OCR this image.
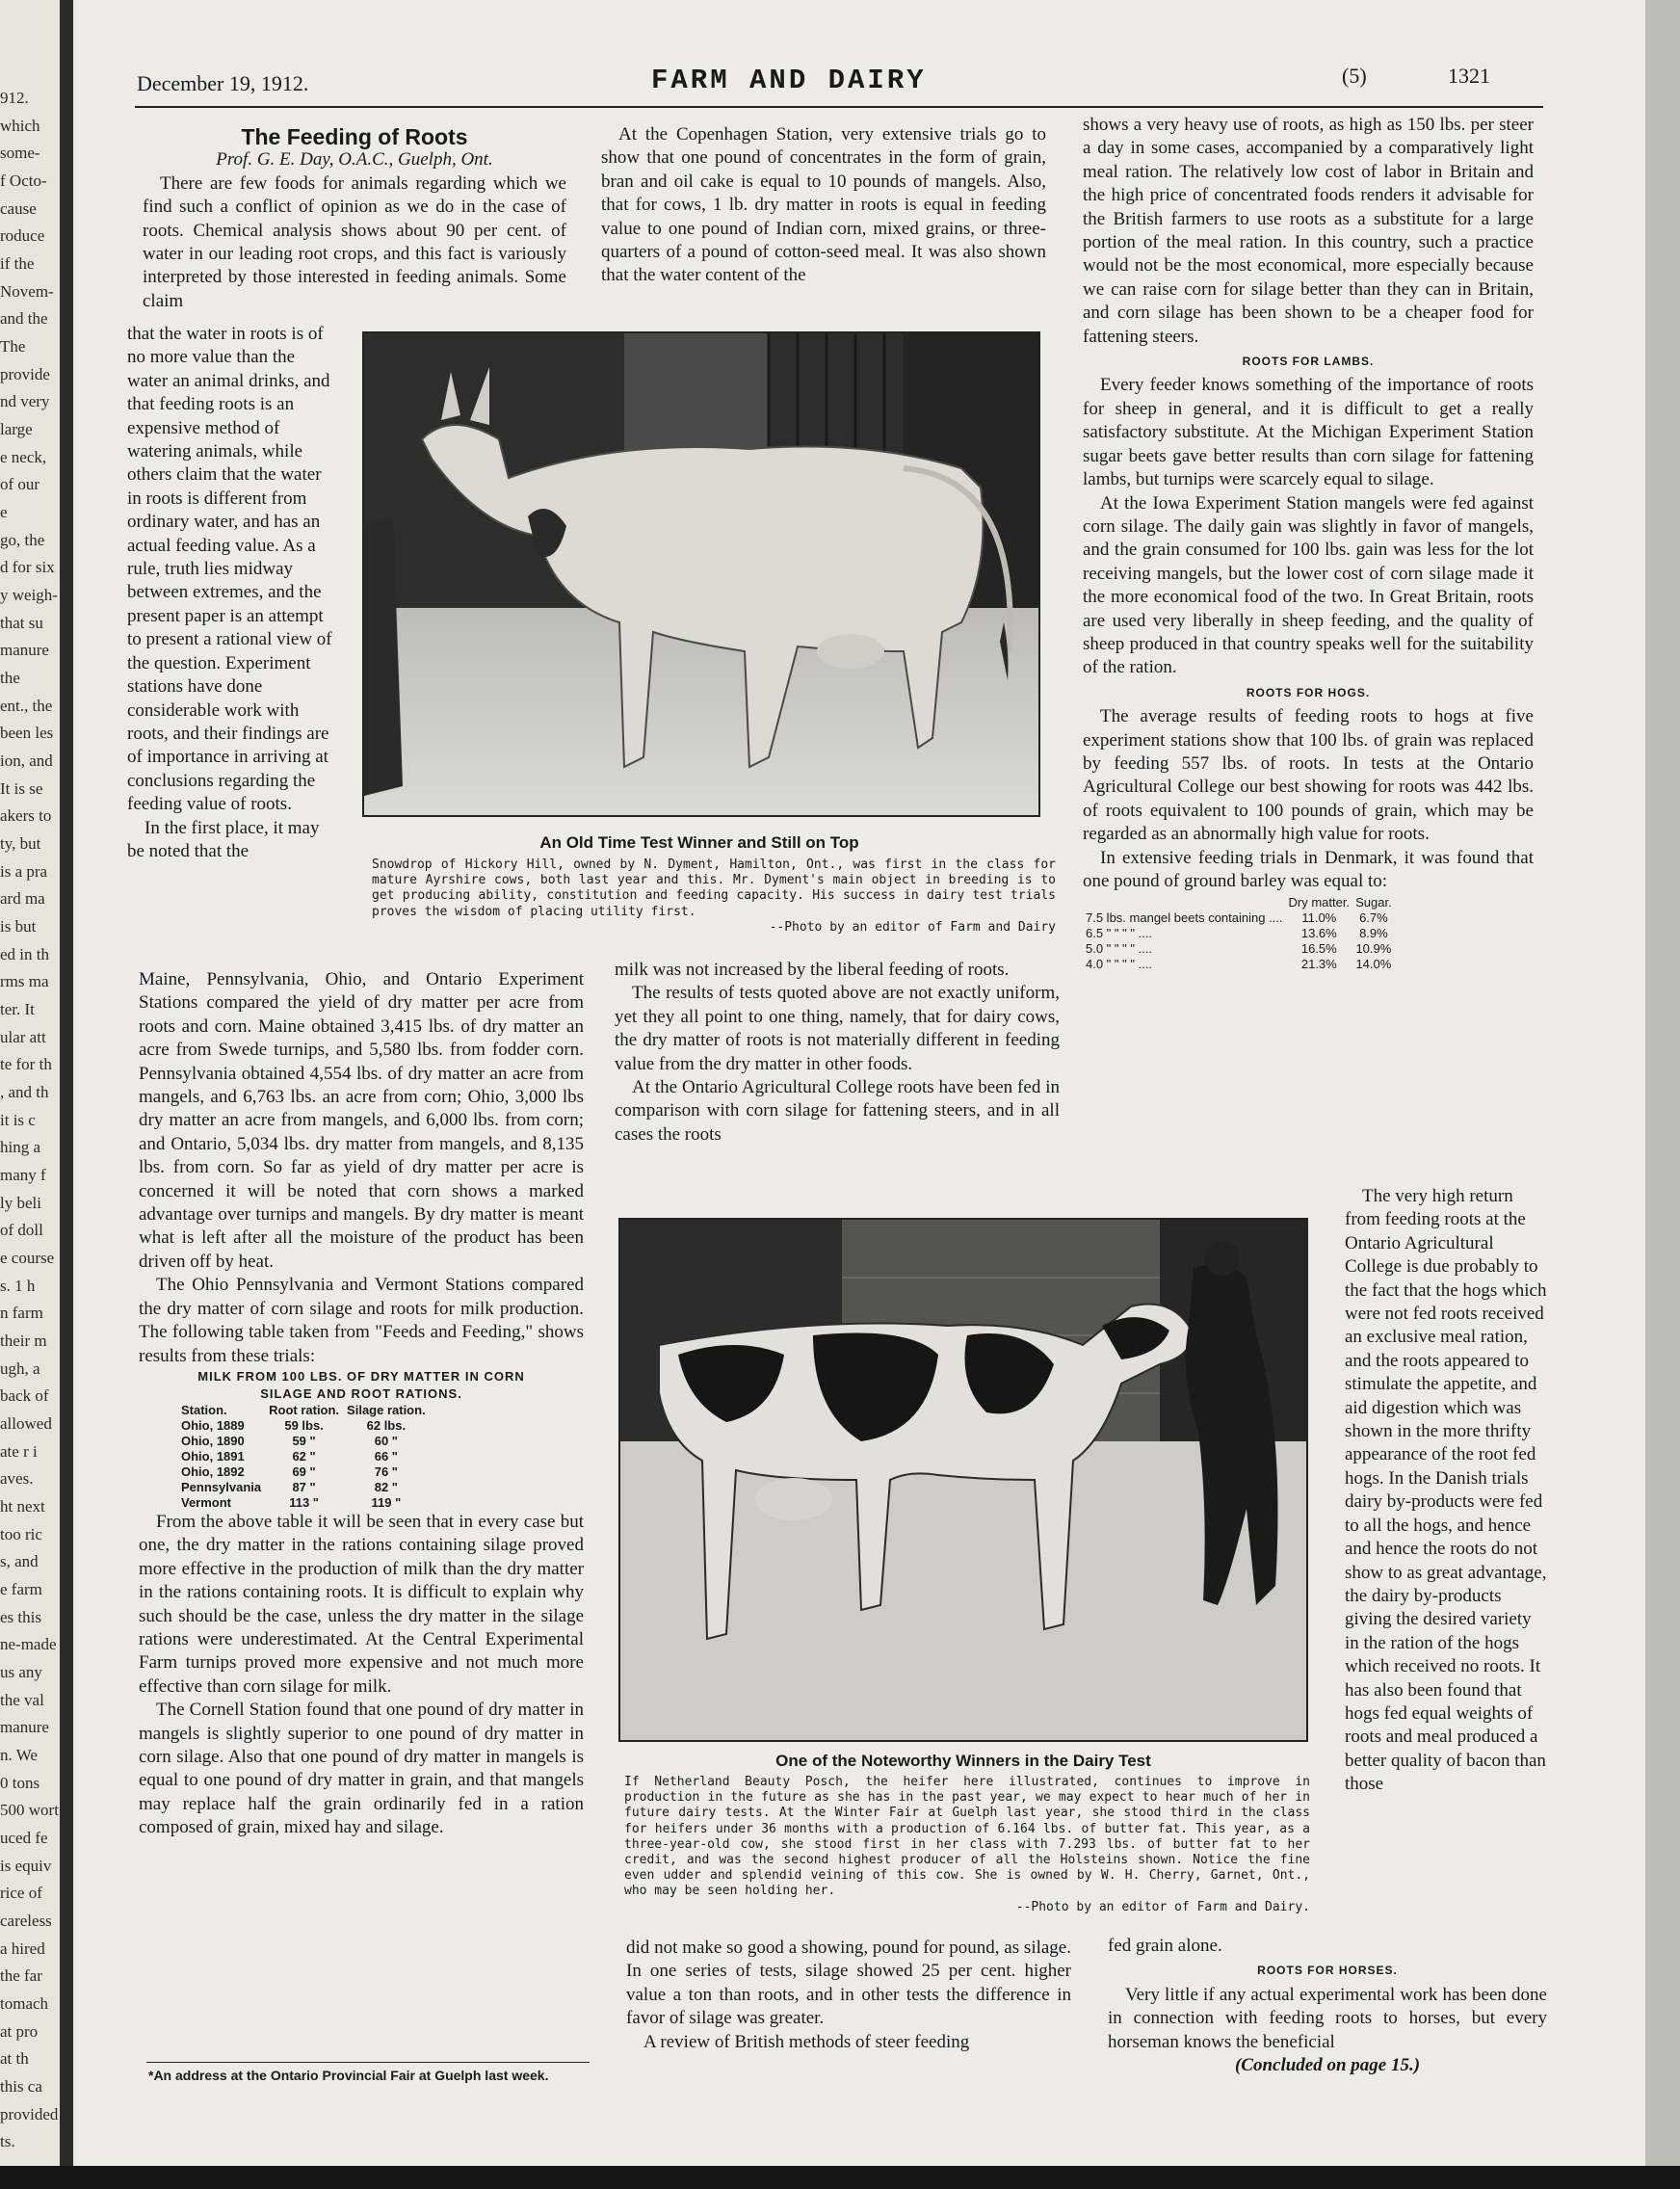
912.
which
some-
f Octo-
cause
roduce
if the
Novem-
and the
The
provide
nd very
large
e neck,
of our
e
go, the
d for six
y weigh-
that su
manure
the
ent., the
been les
ion, and
It is se
akers to
ty, but
is a pra
ard ma
is but
ed in th
rms ma
ter. It
ular att
te for th
, and th
it is c
hing a
many f
ly beli
of doll
e course
s. 1 h
n farm
their m
ugh, a
back of
allowed
ate r i
aves.
ht next
too ric
s, and
e farm
es this
ne-made
us any
the val
manure
n. We
0 tons
500 wort
uced fe
is equiv
rice of
careless
a hired
the far
tomach
at pro
at th
this ca
provided
ts.
December 19, 1912.	FARM AND DAIRY	(5)	1321
The Feeding of Roots
Prof. G. E. Day, O.A.C., Guelph, Ont.

There are few foods for animals regarding which we find such a conflict of opinion as we do in the case of roots. Chemical analysis shows about 90 per cent. of water in our leading root crops, and this fact is variously interpreted by those interested in feeding animals. Some claim

that the water in roots is of no more value than the water an animal drinks, and that feeding roots is an expensive method of watering animals, while others claim that the water in roots is different from ordinary water, and has an actual feeding value. As a rule, truth lies midway between extremes, and the present paper is an attempt to present a rational view of the question. Experiment stations have done considerable work with roots, and their findings are of importance in arriving at conclusions regarding the feeding value of roots.

In the first place, it may be noted that the

Maine, Pennsylvania, Ohio, and Ontario Experiment Stations compared the yield of dry matter per acre from roots and corn. Maine obtained 3,415 lbs. of dry matter an acre from Swede turnips, and 5,580 lbs. from fodder corn. Pennsylvania obtained 4,554 lbs. of dry matter an acre from mangels, and 6,763 lbs. an acre from corn; Ohio, 3,000 lbs dry matter an acre from mangels, and 6,000 lbs. from corn; and Ontario, 5,034 lbs. dry matter from mangels, and 8,135 lbs. from corn. So far as yield of dry matter per acre is concerned it will be noted that corn shows a marked advantage over turnips and mangels. By dry matter is meant what is left after all the moisture of the product has been driven off by heat.

The Ohio Pennsylvania and Vermont Stations compared the dry matter of corn silage and roots for milk production. The following table taken from "Feeds and Feeding," shows results from these trials:

MILK FROM 100 LBS. OF DRY MATTER IN CORN
SILAGE AND ROOT RATIONS.
Station.	Root ration.	Silage ration.
Ohio, 1889	59 lbs.	62 lbs.
Ohio, 1890	59 "	60 "
Ohio, 1891	62 "	66 "
Ohio, 1892	69 "	76 "
Pennsylvania	87 "	82 "
Vermont	113 "	119 "

From the above table it will be seen that in every case but one, the dry matter in the rations containing silage proved more effective in the production of milk than the dry matter in the rations containing roots. It is difficult to explain why such should be the case, unless the dry matter in the silage rations were underestimated. At the Central Experimental Farm turnips proved more expensive and not much more effective than corn silage for milk.

The Cornell Station found that one pound of dry matter in mangels is slightly superior to one pound of dry matter in corn silage. Also that one pound of dry matter in mangels is equal to one pound of dry matter in grain, and that mangels may replace half the grain ordinarily fed in a ration composed of grain, mixed hay and silage.

*An address at the Ontario Provincial Fair at Guelph last week.

At the Copenhagen Station, very extensive trials go to show that one pound of concentrates in the form of grain, bran and oil cake is equal to 10 pounds of mangels. Also, that for cows, 1 lb. dry matter in roots is equal in feeding value to one pound of Indian corn, mixed grains, or three-quarters of a pound of cotton-seed meal. It was also shown that the water content of the

An Old Time Test Winner and Still on Top
Snowdrop of Hickory Hill, owned by N. Dyment, Hamilton, Ont., was first in the class for mature Ayrshire cows, both last year and this. Mr. Dyment's main object in breeding is to get producing ability, constitution and feeding capacity. His success in dairy test trials proves the wisdom of placing utility first.
--Photo by an editor of Farm and Dairy

milk was not increased by the liberal feeding of roots.

The results of tests quoted above are not exactly uniform, yet they all point to one thing, namely, that for dairy cows, the dry matter of roots is not materially different in feeding value from the dry matter in other foods.

At the Ontario Agricultural College roots have been fed in comparison with corn silage for fattening steers, and in all cases the roots

One of the Noteworthy Winners in the Dairy Test
If Netherland Beauty Posch, the heifer here illustrated, continues to improve in production in the future as she has in the past year, we may expect to hear much of her in future dairy tests. At the Winter Fair at Guelph last year, she stood third in the class for heifers under 36 months with a production of 6.164 lbs. of butter fat. This year, as a three-year-old cow, she stood first in her class with 7.293 lbs. of butter fat to her credit, and was the second highest producer of all the Holsteins shown. Notice the fine even udder and splendid veining of this cow. She is owned by W. H. Cherry, Garnet, Ont., who may be seen holding her.
--Photo by an editor of Farm and Dairy.

did not make so good a showing, pound for pound, as silage. In one series of tests, silage showed 25 per cent. higher value a ton than roots, and in other tests the difference in favor of silage was greater.

A review of British methods of steer feeding

shows a very heavy use of roots, as high as 150 lbs. per steer a day in some cases, accompanied by a comparatively light meal ration. The relatively low cost of labor in Britain and the high price of concentrated foods renders it advisable for the British farmers to use roots as a substitute for a large portion of the meal ration. In this country, such a practice would not be the most economical, more especially because we can raise corn for silage better than they can in Britain, and corn silage has been shown to be a cheaper food for fattening steers.

ROOTS FOR LAMBS.

Every feeder knows something of the importance of roots for sheep in general, and it is difficult to get a really satisfactory substitute. At the Michigan Experiment Station sugar beets gave better results than corn silage for fattening lambs, but turnips were scarcely equal to silage.

At the Iowa Experiment Station mangels were fed against corn silage. The daily gain was slightly in favor of mangels, and the grain consumed for 100 lbs. gain was less for the lot receiving mangels, but the lower cost of corn silage made it the more economical food of the two. In Great Britain, roots are used very liberally in sheep feeding, and the quality of sheep produced in that country speaks well for the suitability of the ration.

ROOTS FOR HOGS.

The average results of feeding roots to hogs at five experiment stations show that 100 lbs. of grain was replaced by feeding 557 lbs. of roots. In tests at the Ontario Agricultural College our best showing for roots was 442 lbs. of roots equivalent to 100 pounds of grain, which may be regarded as an abnormally high value for roots.

In extensive feeding trials in Denmark, it was found that one pound of ground barley was equal to:

	Dry matter.	Sugar.
7.5 lbs. mangel beets containing ....	11.0%	6.7%
6.5 " " " " ....	13.6%	8.9%
5.0 " " " " ....	16.5%	10.9%
4.0 " " " " ....	21.3%	14.0%

The very high return from feeding roots at the Ontario Agricultural College is due probably to the fact that the hogs which were not fed roots received an exclusive meal ration, and the roots appeared to stimulate the appetite, and aid digestion which was shown in the more thrifty appearance of the root fed hogs. In the Danish trials dairy by-products were fed to all the hogs, and hence and hence the roots do not show to as great advantage, the dairy by-products giving the desired variety in the ration of the hogs which received no roots. It has also been found that hogs fed equal weights of roots and meal produced a better quality of bacon than those

fed grain alone.

ROOTS FOR HORSES.

Very little if any actual experimental work has been done in connection with feeding roots to horses, but every horseman knows the beneficial

(Concluded on page 15.)
